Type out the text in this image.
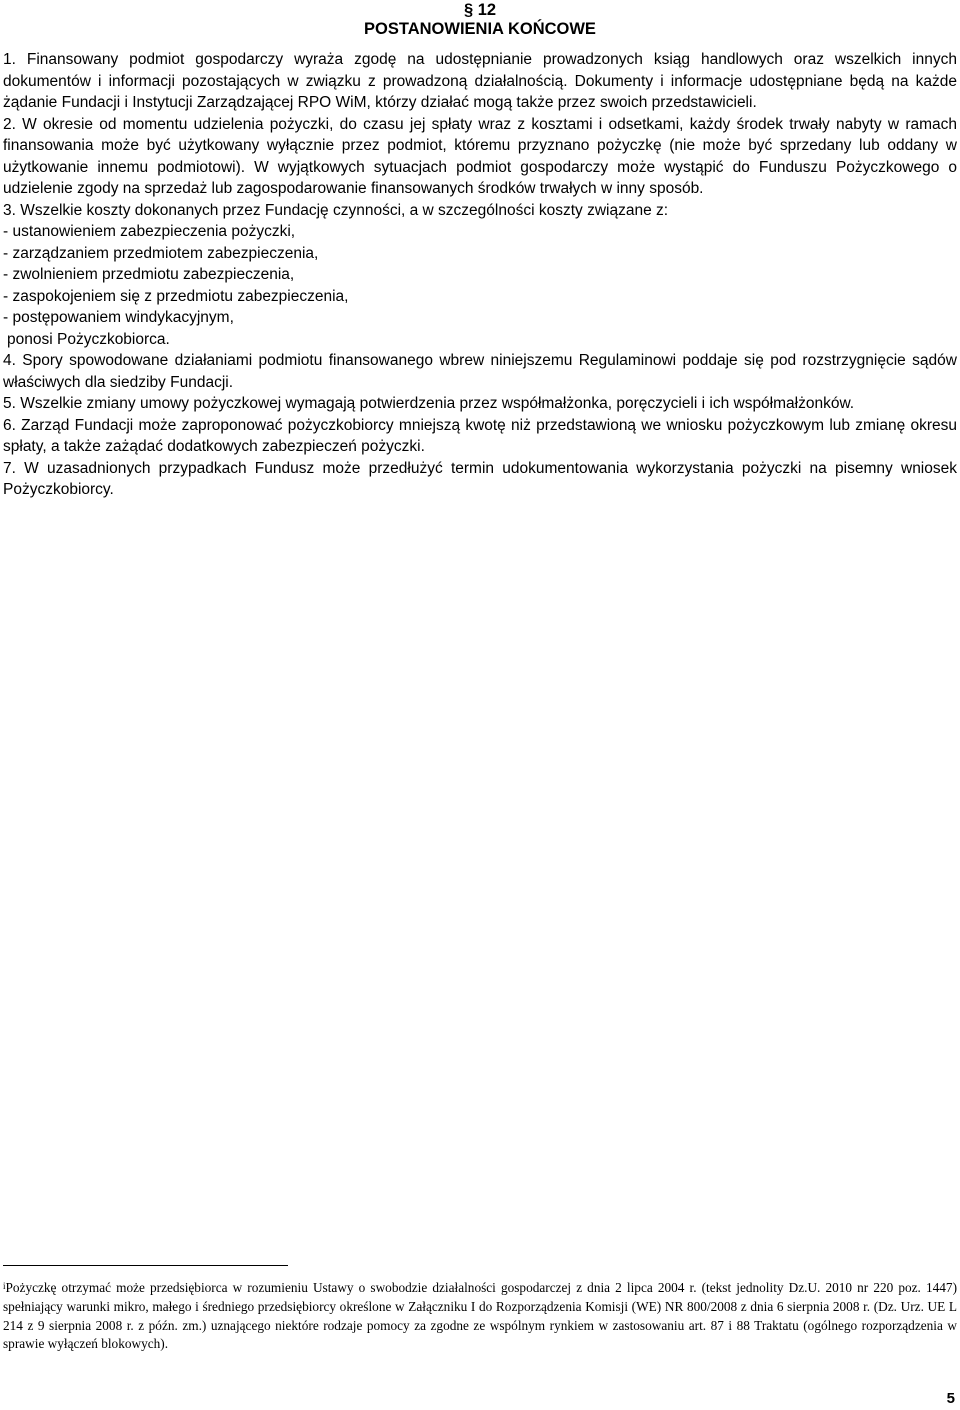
§ 12
POSTANOWIENIA KOŃCOWE

1. Finansowany podmiot gospodarczy wyraża zgodę na udostępnianie prowadzonych ksiąg handlowych oraz wszelkich innych dokumentów i informacji pozostających w związku z prowadzoną działalnością. Dokumenty i informacje udostępniane będą na każde żądanie Fundacji i Instytucji Zarządzającej RPO WiM, którzy działać mogą także przez swoich przedstawicieli.

2. W okresie od momentu udzielenia pożyczki, do czasu jej spłaty wraz z kosztami i odsetkami, każdy środek trwały nabyty w ramach finansowania może być użytkowany wyłącznie przez podmiot, któremu przyznano pożyczkę (nie może być sprzedany lub oddany w użytkowanie innemu podmiotowi). W wyjątkowych sytuacjach podmiot gospodarczy może wystąpić do Funduszu Pożyczkowego o udzielenie zgody na sprzedaż lub zagospodarowanie finansowanych środków trwałych w inny sposób.

3. Wszelkie koszty dokonanych przez Fundację czynności, a w szczególności koszty związane z:

- ustanowieniem zabezpieczenia pożyczki,

- zarządzaniem przedmiotem zabezpieczenia,

- zwolnieniem przedmiotu zabezpieczenia,

- zaspokojeniem się z przedmiotu zabezpieczenia,

- postępowaniem windykacyjnym,

ponosi Pożyczkobiorca.

4. Spory spowodowane działaniami podmiotu finansowanego wbrew niniejszemu Regulaminowi poddaje się pod rozstrzygnięcie sądów właściwych dla siedziby Fundacji.

5. Wszelkie zmiany umowy pożyczkowej wymagają potwierdzenia przez współmałżonka, poręczycieli i ich współmałżonków.

6. Zarząd Fundacji może zaproponować pożyczkobiorcy mniejszą kwotę niż przedstawioną we wniosku pożyczkowym lub zmianę okresu spłaty, a także zażądać dodatkowych zabezpieczeń pożyczki.

7. W uzasadnionych przypadkach Fundusz może przedłużyć termin udokumentowania wykorzystania pożyczki na pisemny wniosek Pożyczkobiorcy.

$^i$Pożyczkę otrzymać może przedsiębiorca w rozumieniu Ustawy o swobodzie działalności gospodarczej z dnia 2 lipca 2004 r. (tekst jednolity Dz.U. 2010 nr 220 poz. 1447) spełniający warunki mikro, małego i średniego przedsiębiorcy określone w Załączniku I do Rozporządzenia Komisji (WE) NR 800/2008 z dnia 6 sierpnia 2008 r. (Dz. Urz. UE L 214 z 9 sierpnia 2008 r. z późn. zm.) uznającego niektóre rodzaje pomocy za zgodne ze wspólnym rynkiem w zastosowaniu art. 87 i 88 Traktatu (ogólnego rozporządzenia w sprawie wyłączeń blokowych).

5
